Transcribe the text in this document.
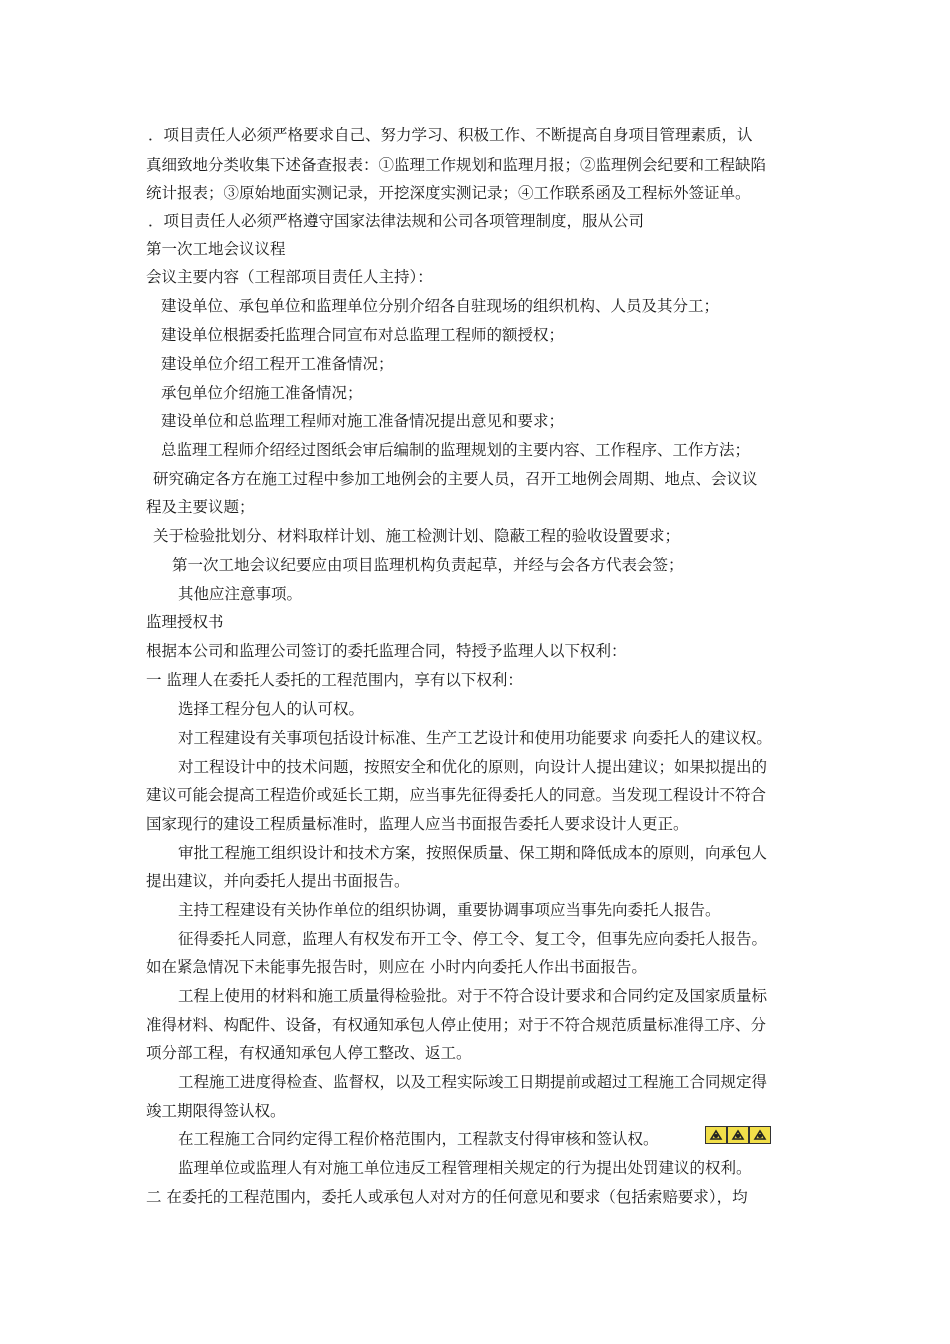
．项目责任人必须严格要求自己、努力学习、积极工作、不断提高自身项目管理素质，认
真细致地分类收集下述备查报表：①监理工作规划和监理月报；②监理例会纪要和工程缺陷
统计报表；③原始地面实测记录，开挖深度实测记录；④工作联系函及工程标外签证单。
．项目责任人必须严格遵守国家法律法规和公司各项管理制度，服从公司
第一次工地会议议程
会议主要内容（工程部项目责任人主持）：
建设单位、承包单位和监理单位分别介绍各自驻现场的组织机构、人员及其分工；
建设单位根据委托监理合同宣布对总监理工程师的额授权；
建设单位介绍工程开工准备情况；
承包单位介绍施工准备情况；
建设单位和总监理工程师对施工准备情况提出意见和要求；
总监理工程师介绍经过图纸会审后编制的监理规划的主要内容、工作程序、工作方法；
研究确定各方在施工过程中参加工地例会的主要人员，召开工地例会周期、地点、会议议
程及主要议题；
关于检验批划分、材料取样计划、施工检测计划、隐蔽工程的验收设置要求；
第一次工地会议纪要应由项目监理机构负责起草，并经与会各方代表会签；
其他应注意事项。
监理授权书
根据本公司和监理公司签订的委托监理合同，特授予监理人以下权利：
一 监理人在委托人委托的工程范围内，享有以下权利：
选择工程分包人的认可权。
对工程建设有关事项包括设计标准、生产工艺设计和使用功能要求 向委托人的建议权。
对工程设计中的技术问题，按照安全和优化的原则，向设计人提出建议；如果拟提出的
建议可能会提高工程造价或延长工期，应当事先征得委托人的同意。当发现工程设计不符合
国家现行的建设工程质量标准时，监理人应当书面报告委托人要求设计人更正。
审批工程施工组织设计和技术方案，按照保质量、保工期和降低成本的原则，向承包人
提出建议，并向委托人提出书面报告。
主持工程建设有关协作单位的组织协调，重要协调事项应当事先向委托人报告。
征得委托人同意，监理人有权发布开工令、停工令、复工令，但事先应向委托人报告。
如在紧急情况下未能事先报告时，则应在 小时内向委托人作出书面报告。
工程上使用的材料和施工质量得检验批。对于不符合设计要求和合同约定及国家质量标
准得材料、构配件、设备，有权通知承包人停止使用；对于不符合规范质量标准得工序、分
项分部工程，有权通知承包人停工整改、返工。
工程施工进度得检查、监督权，以及工程实际竣工日期提前或超过工程施工合同规定得
竣工期限得签认权。
在工程施工合同约定得工程价格范围内，工程款支付得审核和签认权。
监理单位或监理人有对施工单位违反工程管理相关规定的行为提出处罚建议的权利。
二 在委托的工程范围内，委托人或承包人对对方的任何意见和要求（包括索赔要求），均
